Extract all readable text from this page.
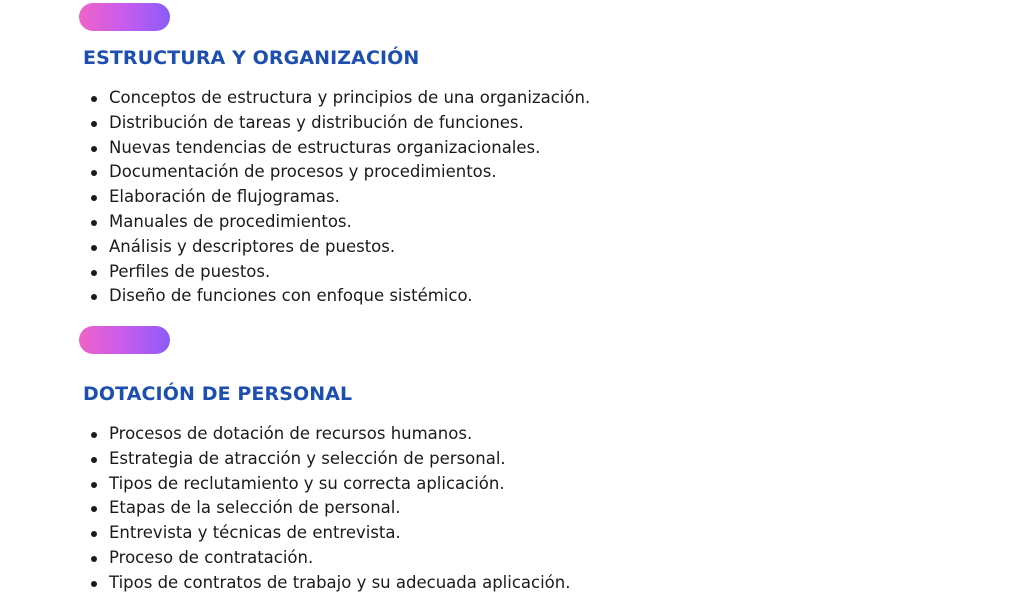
ESTRUCTURA Y ORGANIZACIÓN
Conceptos de estructura y principios de una organización.
Distribución de tareas y distribución de funciones.
Nuevas tendencias de estructuras organizacionales.
Documentación de procesos y procedimientos.
Elaboración de flujogramas.
Manuales de procedimientos.
Análisis y descriptores de puestos.
Perfiles de puestos.
Diseño de funciones con enfoque sistémico.
DOTACIÓN DE PERSONAL
Procesos de dotación de recursos humanos.
Estrategia de atracción y selección de personal.
Tipos de reclutamiento y su correcta aplicación.
Etapas de la selección de personal.
Entrevista y técnicas de entrevista.
Proceso de contratación.
Tipos de contratos de trabajo y su adecuada aplicación.
